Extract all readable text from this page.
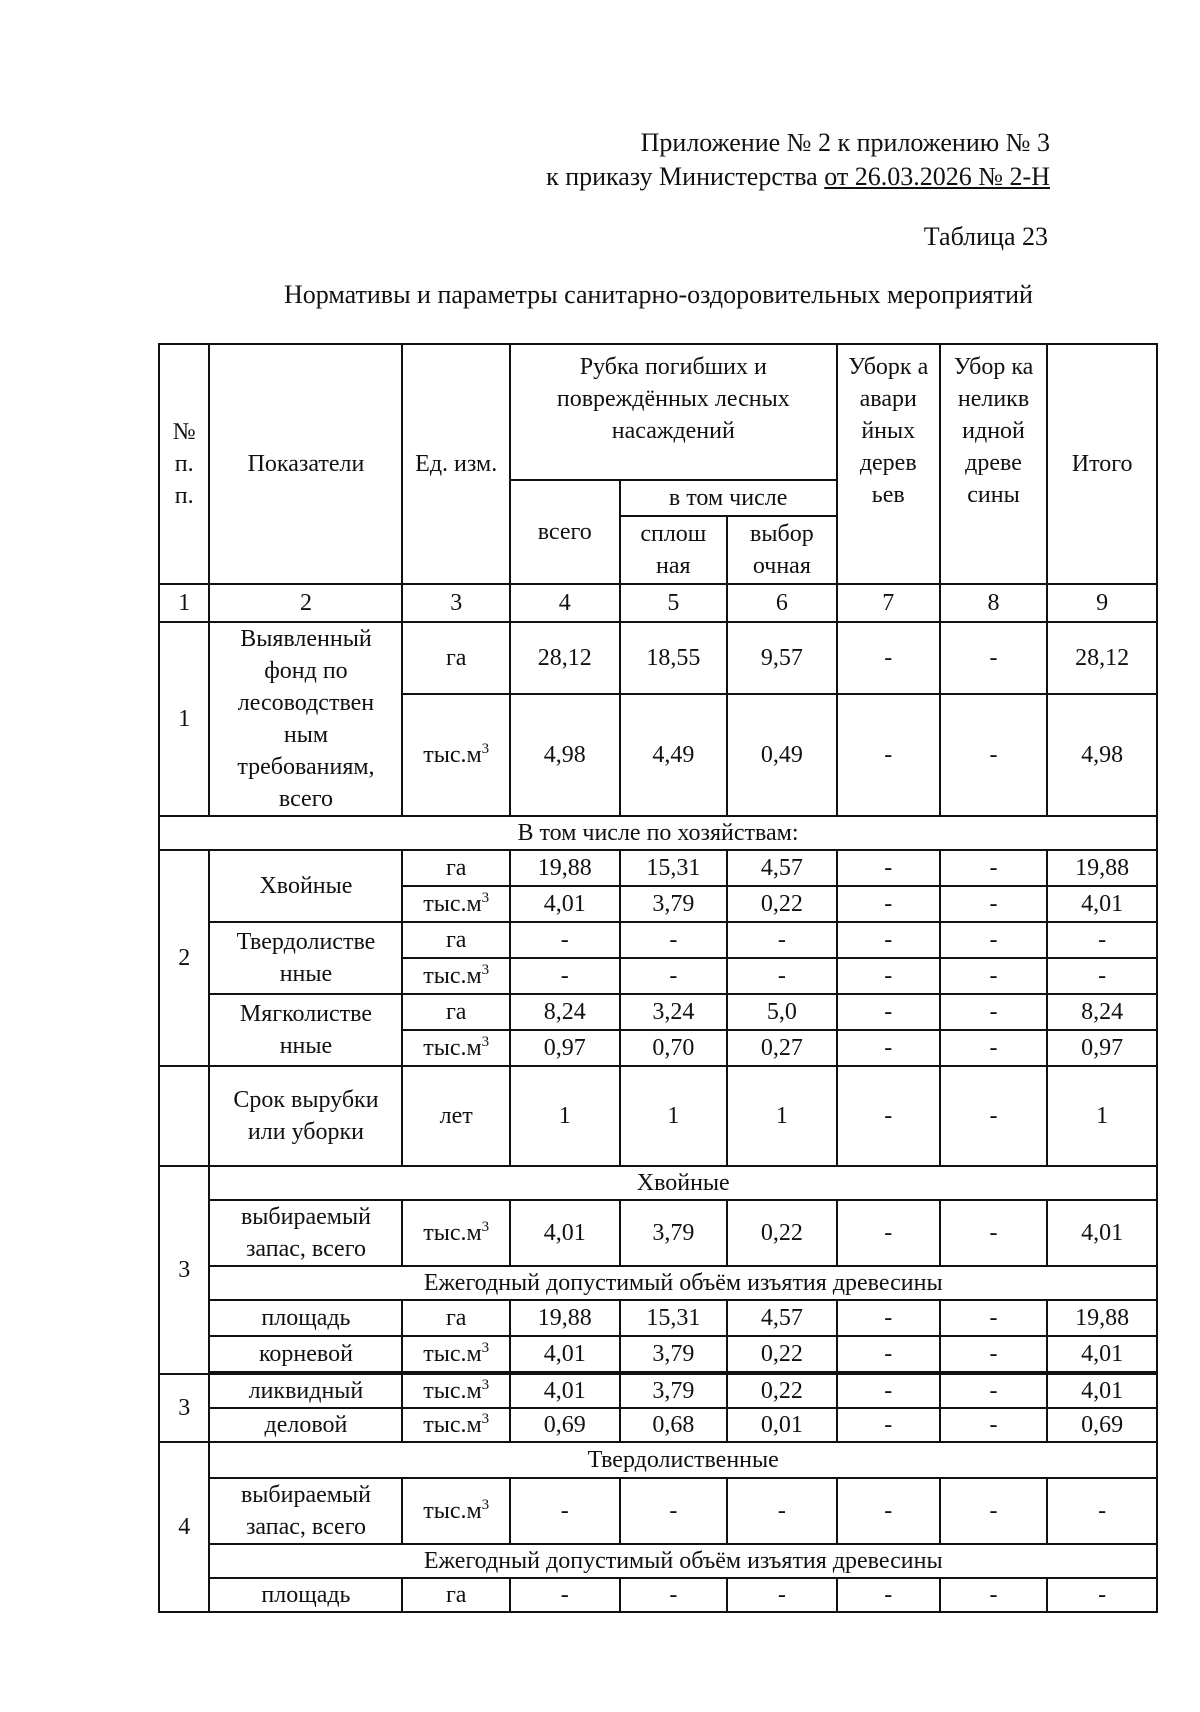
Приложение № 2 к приложению № 3
к приказу Министерства от 26.03.2026 № 2-Н
Таблица 23
Нормативы и параметры санитарно-оздоровительных мероприятий
№ п. п.	Показатели	Ед. изм.	Рубка погибших и повреждённых лесных насаждений			Уборк а авари йных дерев ьев	Убор ка неликв идной древе сины	Итого
			всего	в том числе				
				сплош ная	выбор очная			
1	2	3	4	5	6	7	8	9
1	Выявленный фонд по лесоводствен ным требованиям, всего	га	28,12	18,55	9,57	-	-	28,12
		$тыс.м^3$	4,98	4,49	0,49	-	-	4,98
В том числе по хозяйствам:								
2	Хвойные	га	19,88	15,31	4,57	-	-	19,88
		$тыс.м^3$	4,01	3,79	0,22	-	-	4,01
	Твердолистве нные	га	-	-	-	-	-	-
		$тыс.м^3$	-	-	-	-	-	-
	Мягколистве нные	га	8,24	3,24	5,0	-	-	8,24
		$тыс.м^3$	0,97	0,70	0,27	-	-	0,97
	Срок вырубки или уборки	лет	1	1	1	-	-	1
3	Хвойные							
	выбираемый запас, всего	$тыс.м^3$	4,01	3,79	0,22	-	-	4,01
	Ежегодный допустимый объём изъятия древесины							
	площадь	га	19,88	15,31	4,57	-	-	19,88
	корневой	$тыс.м^3$	4,01	3,79	0,22	-	-	4,01

3	ликвидный	$тыс.м^3$	4,01	3,79	0,22	-	-	4,01
	деловой	$тыс.м^3$	0,69	0,68	0,01	-	-	0,69
4	Твердолиственные							
	выбираемый запас, всего	$тыс.м^3$	-	-	-	-	-	-
	Ежегодный допустимый объём изъятия древесины							
	площадь	га	-	-	-	-	-	-
